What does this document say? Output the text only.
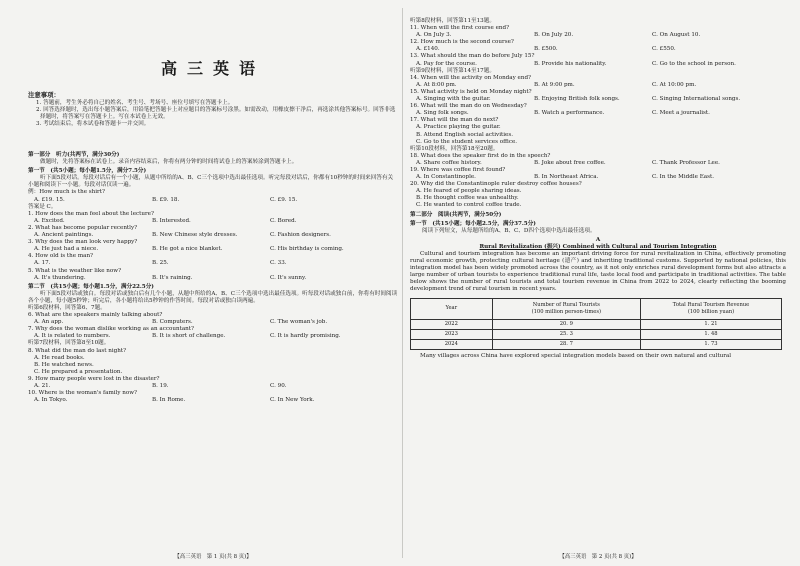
高三英语
注意事项：

1. 答题前，考生务必将自己的姓名、考生号、考场号、座位号填写在答题卡上。

2. 回答选择题时，选出每小题答案后，用铅笔把答题卡上对应题目的答案标号涂黑。如需改动，用橡皮擦干净后，再选涂其他答案标号。回答非选择题时，将答案写在答题卡上。写在本试卷上无效。

3. 考试结束后，将本试卷和答题卡一并交回。

第一部分　听力(共两节，满分30分)

做题时，先将答案标在试卷上。录音内容结束后，你将有两分钟的时间将试卷上的答案转涂到答题卡上。

第一节　(共5小题；每小题1.5分，满分7.5分)

听下面5段对话。每段对话后有一个小题，从题中所给的A、B、C三个选项中选出最佳选项。听完每段对话后，你都有10秒钟的时间来回答有关小题和阅读下一小题。每段对话仅读一遍。

例：How much is the shirt?

A. £19. 15.	B. £9. 18.	C. £9. 15.

答案是 C。

1. How does the man feel about the lecture?

A. Excited.	B. Interested.	C. Bored.

2. What has become popular recently?

A. Ancient paintings.	B. New Chinese style dresses.	C. Fashion designers.

3. Why does the man look very happy?

A. He just had a niece.	B. He got a nice blanket.	C. His birthday is coming.

4. How old is the man?

A. 17.	B. 25.	C. 33.

5. What is the weather like now?

A. It's thundering.	B. It's raining.	C. It's sunny.
第二节　(共15小题；每小题1.5分，满分22.5分)

听下面5段对话或独白。每段对话或独白后有几个小题，从题中所给的A、B、C三个选项中选出最佳选项。听每段对话或独白前，你将有时间阅读各个小题，每小题5秒钟；听完后，各小题将给出5秒钟的作答时间。每段对话或独白读两遍。

听第6段材料，回答第6、7题。

6. What are the speakers mainly talking about?

A. An app.	B. Computers.	C. The woman's job.

7. Why does the woman dislike working as an accountant?

A. It is related to numbers.	B. It is short of challenge.	C. It is hardly promising.

听第7段材料，回答第8至10题。

8. What did the man do last night?

A. He read books.
B. He watched news.
C. He prepared a presentation.

9. How many people were lost in the disaster?

A. 21.	B. 19.	C. 90.

10. Where is the woman's family now?

A. In Tokyo.	B. In Rome.	C. In New York.
【高三英语　第 1 页(共 8 页)】

听第8段材料，回答第11至13题。

11. When will the first course end?

A. On July 3.	B. On July 20.	C. On August 10.

12. How much is the second course?

A. £140.	B. £500.	C. £550.

13. What should the man do before July 15?

A. Pay for the course.	B. Provide his nationality.	C. Go to the school in person.

听第9段材料，回答第14至17题。

14. When will the activity on Monday end?

A. At 8:00 pm.	B. At 9:00 pm.	C. At 10:00 pm.

15. What activity is held on Monday night?

A. Singing with the guitar.	B. Enjoying British folk songs.	C. Singing International songs.

16. What will the man do on Wednesday?

A. Sing folk songs.	B. Watch a performance.	C. Meet a journalist.

17. What will the man do next?

A. Practice playing the guitar.
B. Attend English social activities.
C. Go to the student services office.

听第10段材料，回答第18至20题。

18. What does the speaker first do in the speech?

A. Share coffee history.	B. Joke about free coffee.	C. Thank Professor Lee.

19. Where was coffee first found?

A. In Constantinople.	B. In Northeast Africa.	C. In the Middle East.

20. Why did the Constantinople ruler destroy coffee houses?

A. He feared of people sharing ideas.
B. He thought coffee was unhealthy.
C. He wanted to control coffee trade.
第二部分　阅读(共两节，满分50分)
第一节　(共15小题；每小题2.5分，满分37.5分)

阅读下列短文，从每题所给的A、B、C、D四个选项中选出最佳选项。

A
Rural Revitalization (振兴) Combined with Cultural and Tourism Integration

Cultural and tourism integration has become an important driving force for rural revitalization in China, effectively promoting rural economic growth, protecting cultural heritage (遗产) and inheriting traditional customs. Supported by national policies, this integration model has been widely promoted across the country, as it not only enriches rural development forms but also attracts a large number of urban tourists to experience traditional rural life, taste local food and participate in traditional activities. The table below shows the number of rural tourists and total tourism revenue in China from 2022 to 2024, clearly reflecting the booming development trend of rural tourism in recent years.

Year	Number of Rural Tourists
(100 million person-times)	Total Rural Tourism Revenue
(100 billion yuan)
2022	20. 9	1. 21
2023	25. 3	1. 48
2024	28. 7	1. 73

Many villages across China have explored special integration models based on their own natural and cultural

【高三英语　第 2 页(共 8 页)】
